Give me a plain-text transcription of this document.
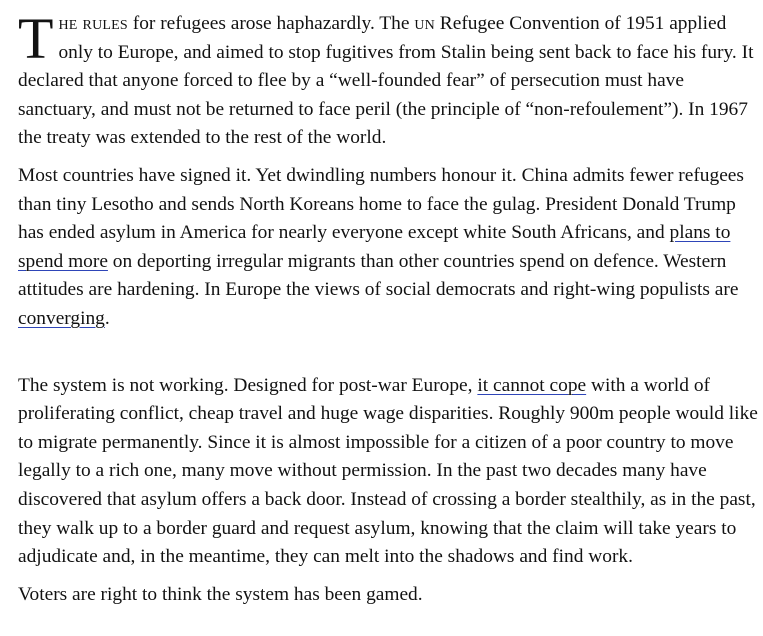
The rules for refugees arose haphazardly. The un Refugee Convention of 1951 applied only to Europe, and aimed to stop fugitives from Stalin being sent back to face his fury. It declared that anyone forced to flee by a “well-founded fear” of persecution must have sanctuary, and must not be returned to face peril (the principle of “non-refoulement”). In 1967 the treaty was extended to the rest of the world.

Most countries have signed it. Yet dwindling numbers honour it. China admits fewer refugees than tiny Lesotho and sends North Koreans home to face the gulag. President Donald Trump has ended asylum in America for nearly everyone except white South Africans, and plans to spend more on deporting irregular migrants than other countries spend on defence. Western attitudes are hardening. In Europe the views of social democrats and right-wing populists are converging.

The system is not working. Designed for post-war Europe, it cannot cope with a world of proliferating conflict, cheap travel and huge wage disparities. Roughly 900m people would like to migrate permanently. Since it is almost impossible for a citizen of a poor country to move legally to a rich one, many move without permission. In the past two decades many have discovered that asylum offers a back door. Instead of crossing a border stealthily, as in the past, they walk up to a border guard and request asylum, knowing that the claim will take years to adjudicate and, in the meantime, they can melt into the shadows and find work.

Voters are right to think the system has been gamed.
